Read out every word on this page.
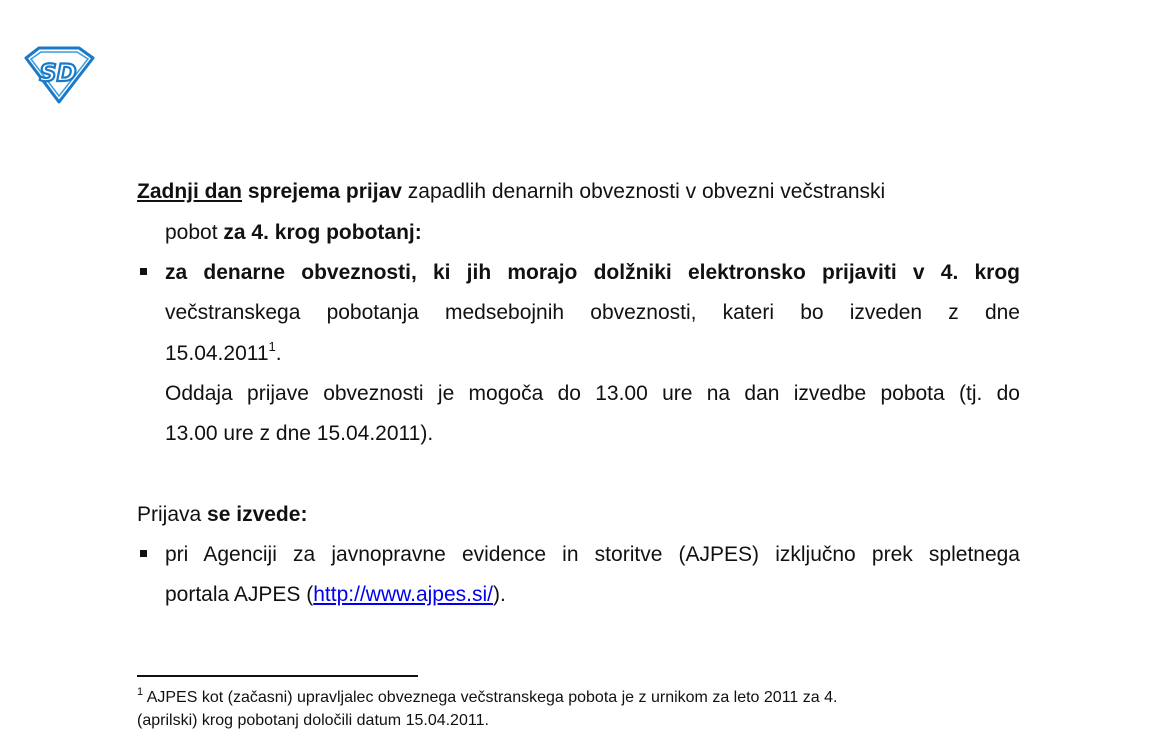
SD
Zadnji dan sprejema prijav zapadlih denarnih obveznosti v obvezni večstranski
pobot za 4. krog pobotanj:
za denarne obveznosti, ki jih morajo dolžniki elektronsko prijaviti v 4. krog
večstranskega pobotanja medsebojnih obveznosti, kateri bo izveden z dne
15.04.2011$^1$.
Oddaja prijave obveznosti je mogoča do 13.00 ure na dan izvedbe pobota (tj. do
13.00 ure z dne 15.04.2011).
Prijava se izvede:
pri Agenciji za javnopravne evidence in storitve (AJPES) izključno prek spletnega
portala AJPES (http://www.ajpes.si/).
$^1$ AJPES kot (začasni) upravljalec obveznega večstranskega pobota je z urnikom za leto 2011 za 4.
(aprilski) krog pobotanj določili datum 15.04.2011.
